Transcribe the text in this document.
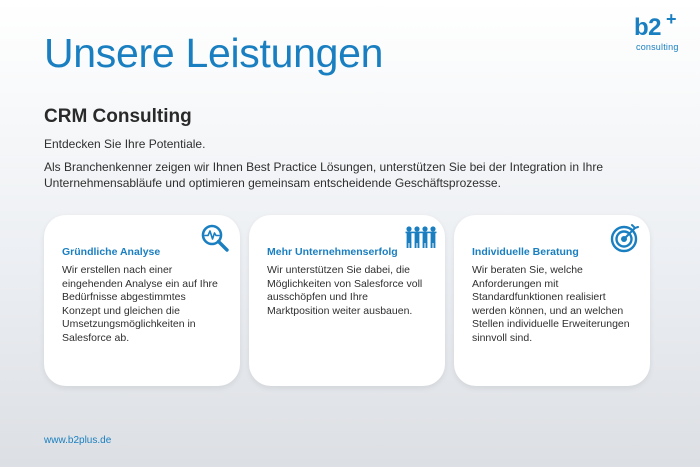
b2 +
consulting
Unsere Leistungen
CRM Consulting

Entdecken Sie Ihre Potentiale.

Als Branchenkenner zeigen wir Ihnen Best Practice Lösungen, unterstützen Sie bei der Integration in Ihre Unternehmensabläufe und optimieren gemeinsam entscheidende Geschäftsprozesse.

Gründliche Analyse

Wir erstellen nach einer eingehenden Analyse ein auf Ihre Bedürfnisse abgestimmtes Konzept und gleichen die Umsetzungsmöglichkeiten in Salesforce ab.

Mehr Unternehmenserfolg

Wir unterstützen Sie dabei, die Möglichkeiten von Salesforce voll ausschöpfen und Ihre Marktposition weiter ausbauen.

Individuelle Beratung

Wir beraten Sie, welche Anforderungen mit Standardfunktionen realisiert werden können, und an welchen Stellen individuelle Erweiterungen sinnvoll sind.

www.b2plus.de
